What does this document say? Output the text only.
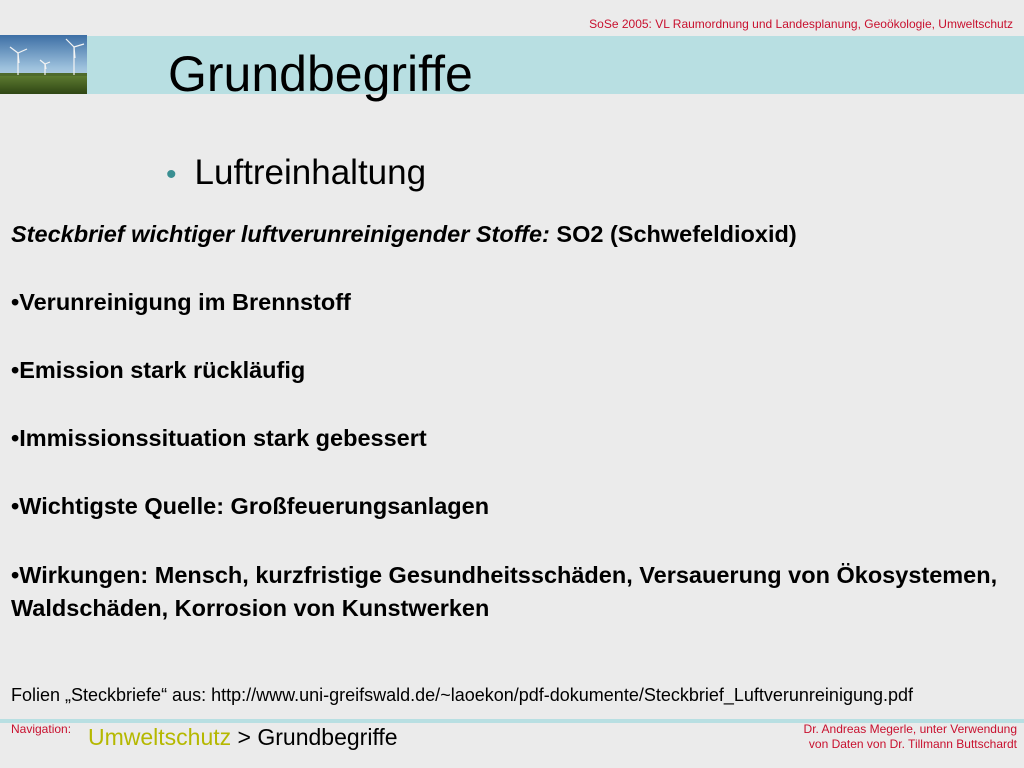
SoSe 2005: VL Raumordnung und Landesplanung, Geoökologie, Umweltschutz
Grundbegriffe
• Luftreinhaltung
Steckbrief wichtiger luftverunreinigender Stoffe: SO2 (Schwefeldioxid)
•Verunreinigung im Brennstoff
•Emission stark rückläufig
•Immissionssituation stark gebessert
•Wichtigste Quelle: Großfeuerungsanlagen
•Wirkungen: Mensch, kurzfristige Gesundheitsschäden, Versauerung von Ökosystemen, Waldschäden, Korrosion von Kunstwerken
Folien „Steckbriefe“ aus: http://www.uni-greifswald.de/~laoekon/pdf-dokumente/Steckbrief_Luftverunreinigung.pdf
Navigation: Umweltschutz > Grundbegriffe	Dr. Andreas Megerle, unter Verwendung
von Daten von Dr. Tillmann Buttschardt
